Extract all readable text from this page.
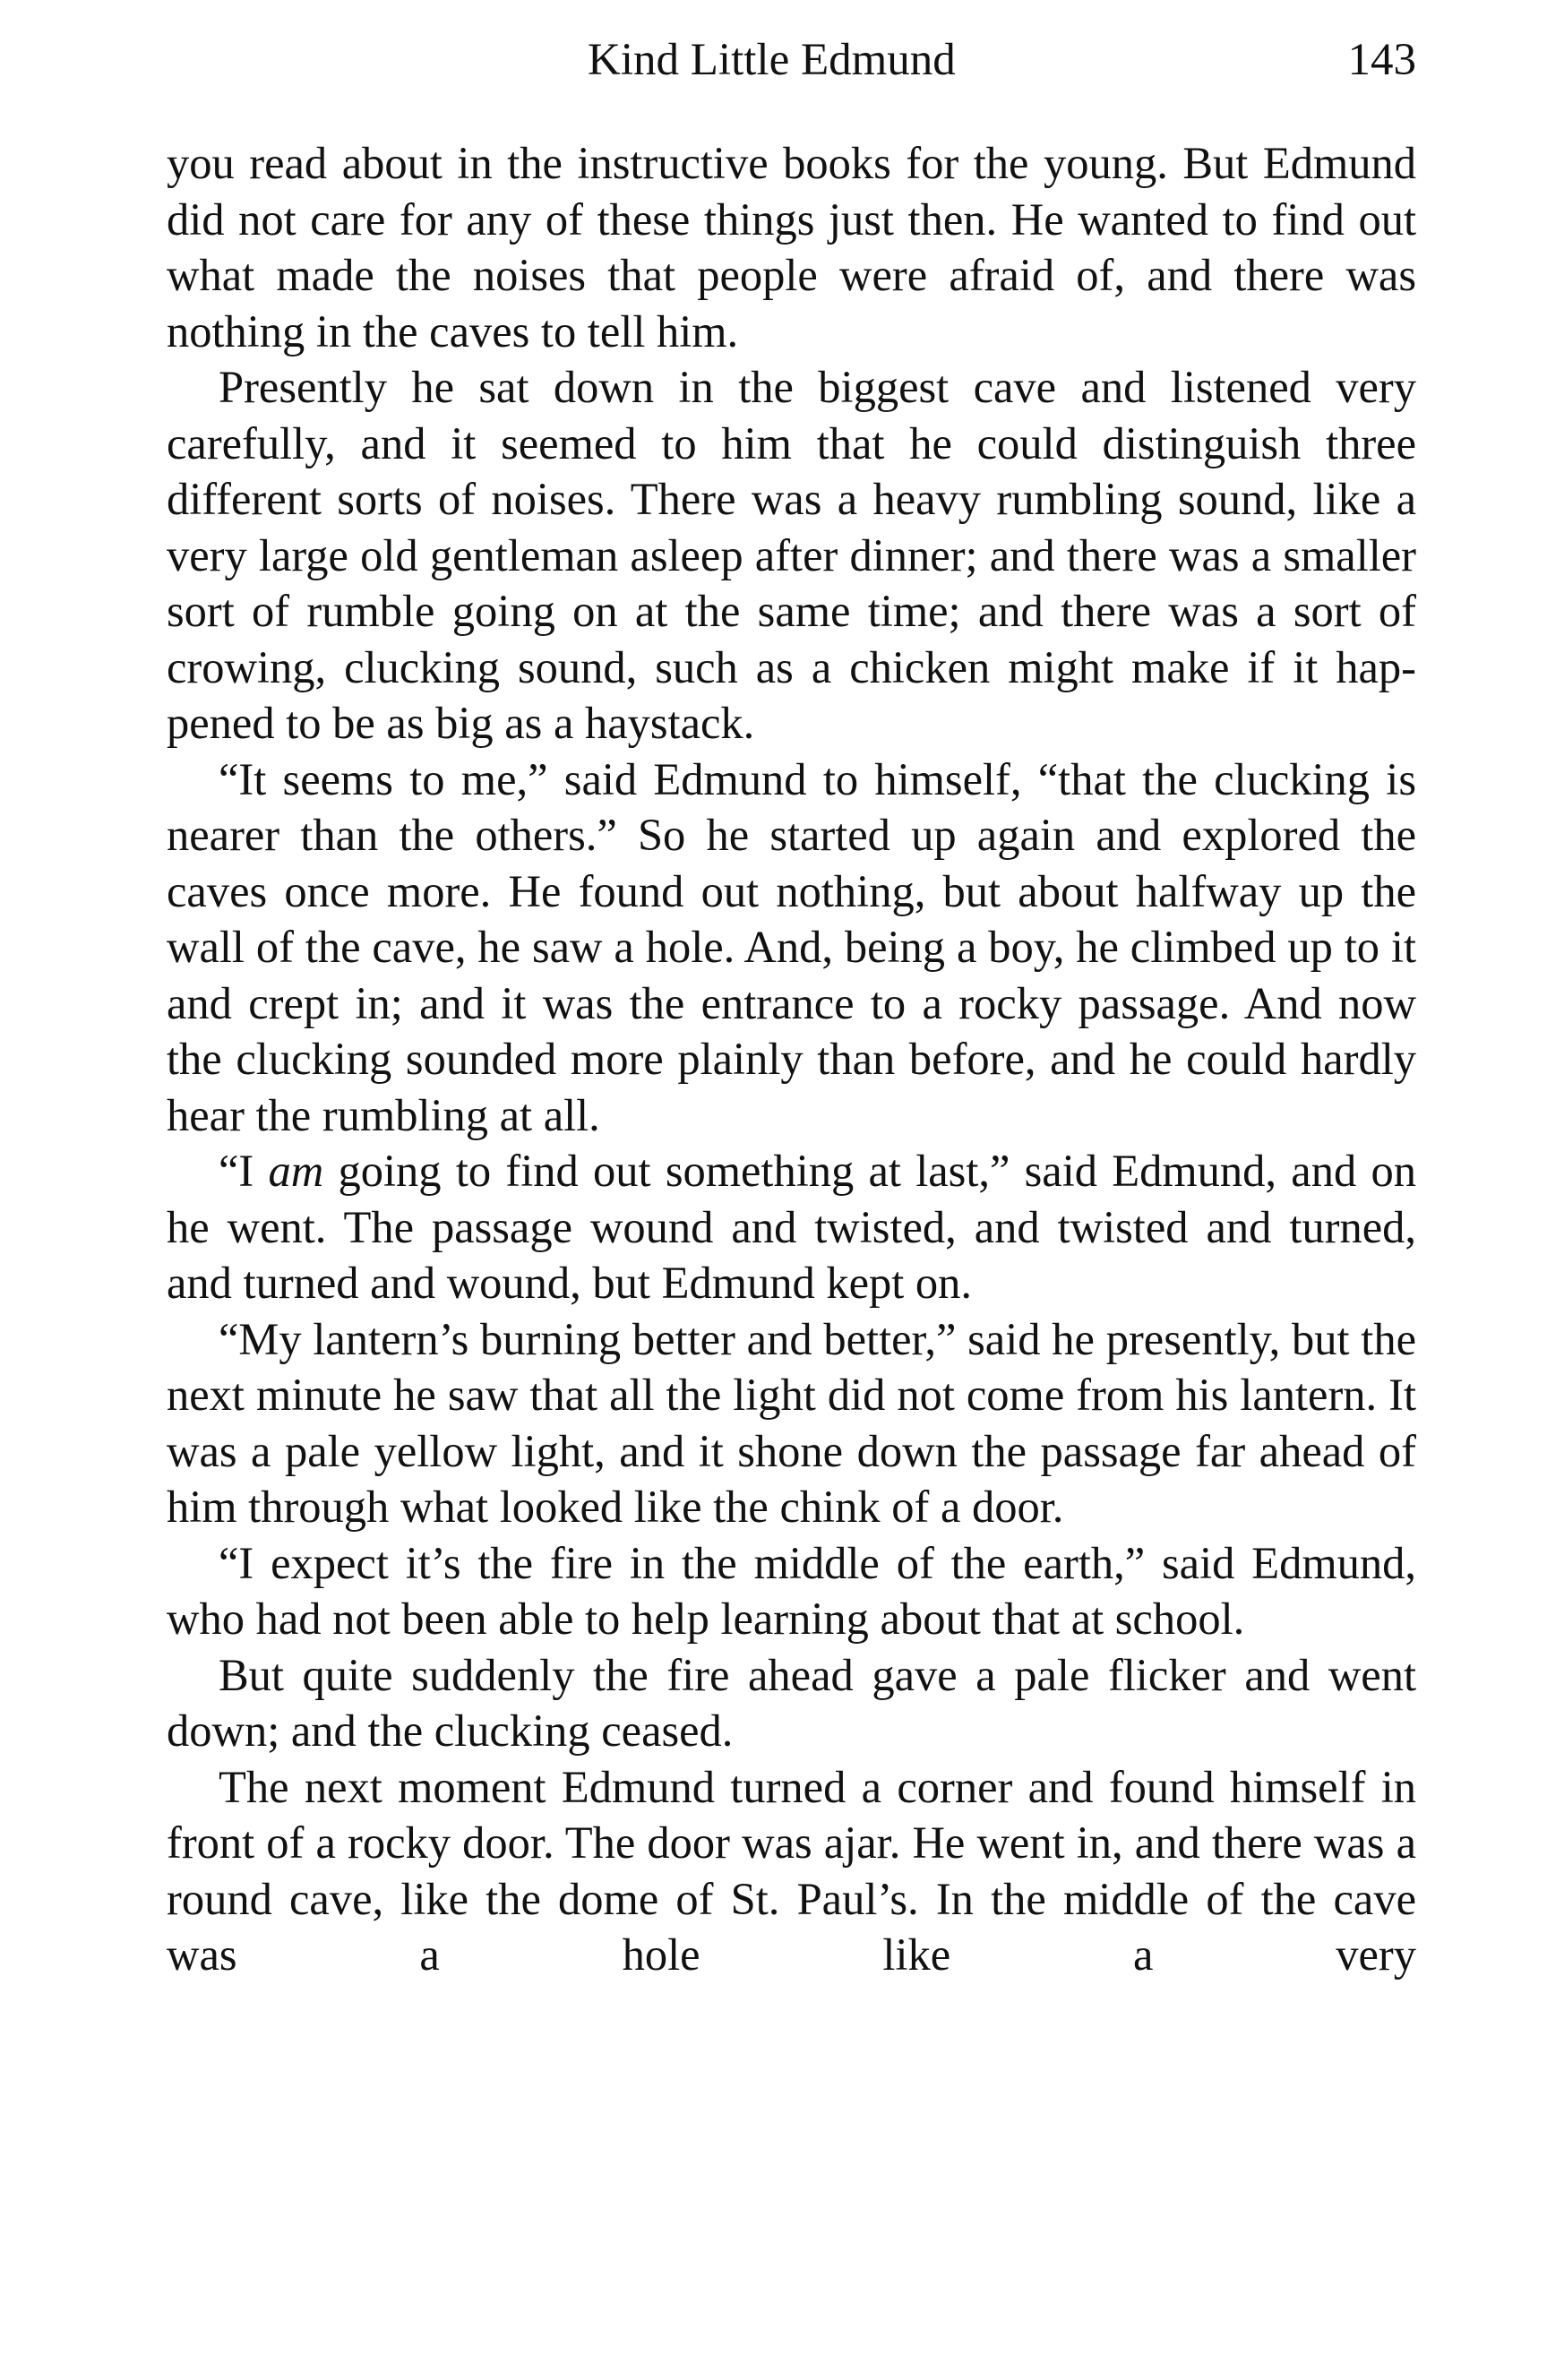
Kind Little Edmund	143

you read about in the instructive books for the young. But Edmund did not care for any of these things just then. He wanted to find out what made the noises that people were afraid of, and there was nothing in the caves to tell him.

Presently he sat down in the biggest cave and listened very carefully, and it seemed to him that he could distinguish three different sorts of noises. There was a heavy rumbling sound, like a very large old gentleman asleep after dinner; and there was a smaller sort of rumble going on at the same time; and there was a sort of crowing, clucking sound, such as a chicken might make if it happened to be as big as a haystack.

“It seems to me,” said Edmund to himself, “that the clucking is nearer than the others.” So he started up again and explored the caves once more. He found out nothing, but about halfway up the wall of the cave, he saw a hole. And, being a boy, he climbed up to it and crept in; and it was the entrance to a rocky passage. And now the clucking sounded more plainly than before, and he could hardly hear the rumbling at all.

“I am going to find out something at last,” said Edmund, and on he went. The passage wound and twisted, and twisted and turned, and turned and wound, but Edmund kept on.

“My lantern’s burning better and better,” said he presently, but the next minute he saw that all the light did not come from his lantern. It was a pale yellow light, and it shone down the passage far ahead of him through what looked like the chink of a door.

“I expect it’s the fire in the middle of the earth,” said Edmund, who had not been able to help learning about that at school.

But quite suddenly the fire ahead gave a pale flicker and went down; and the clucking ceased.

The next moment Edmund turned a corner and found himself in front of a rocky door. The door was ajar. He went in, and there was a round cave, like the dome of St. Paul’s. In the middle of the cave was a hole like a very
